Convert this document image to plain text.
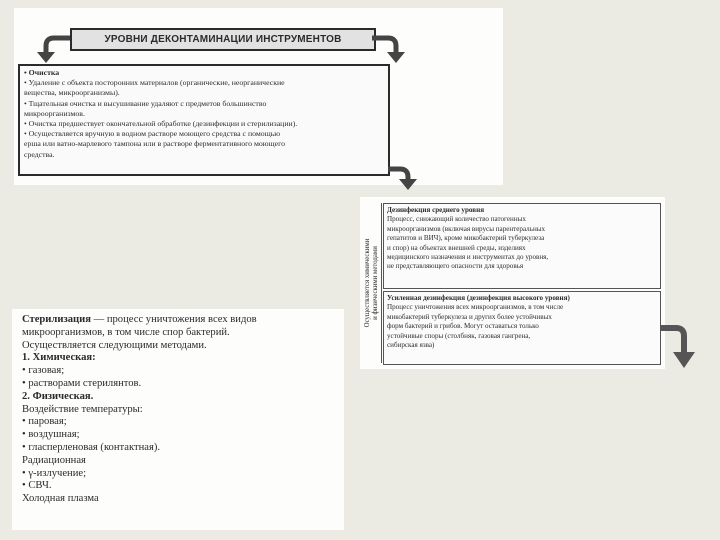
УРОВНИ ДЕКОНТАМИНАЦИИ ИНСТРУМЕНТОВ
• Очистка
• Удаление с объекта посторонних материалов (органические, неорганические
вещества, микроорганизмы).
• Тщательная очистка и высушивание удаляют с предметов большинство
микроорганизмов.
• Очистка предшествует окончательной обработке (дезинфекции и стерилизации).
• Осуществляется вручную в водном растворе моющего средства с помощью
ерша или ватно-марлевого тампона или в растворе ферментативного моющего
средства.
Осуществляется химическими и физическими методами
Дезинфекция среднего уровня
Процесс, снижающий количество патогенных
микроорганизмов (включая вирусы парентеральных
гепатитов и ВИЧ), кроме микобактерий туберкулеза
и спор) на объектах внешней среды, изделиях
медицинского назначения и инструментах до уровня,
не представляющего опасности для здоровья
Усиленная дезинфекция (дезинфекция высокого уровня)
Процесс уничтожения всех микроорганизмов, в том числе
микобактерий туберкулеза и других более устойчивых
форм бактерий и грибов. Могут оставаться только
устойчивые споры (столбняк, газовая гангрена,
сибирская язва)
Стерилизация — процесс уничтожения всех видов
микроорганизмов, в том числе спор бактерий.
Осуществляется следующими методами.
1. Химическая:
• газовая;
• растворами стерилянтов.
2. Физическая.
Воздействие температуры:
• паровая;
• воздушная;
• гласперленовая (контактная).
Радиационная
• γ-излучение;
• СВЧ.
Холодная плазма
